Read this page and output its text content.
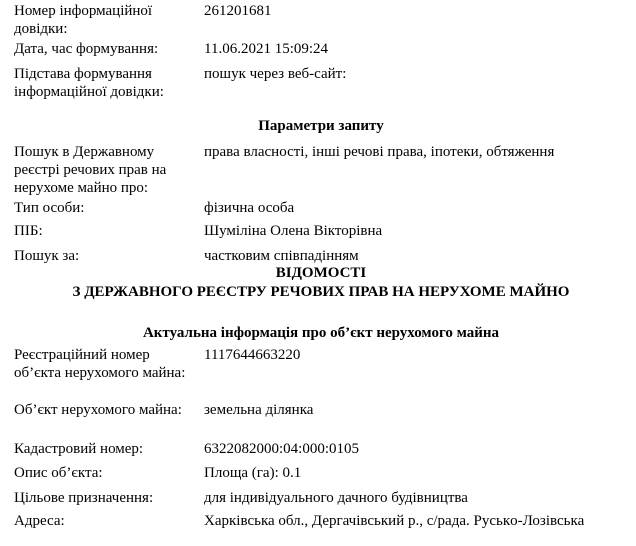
Номер інформаційної довідки:
261201681
Дата, час формування:	11.06.2021 15:09:24
Підстава формування інформаційної довідки:
пошук через веб-сайт:
Параметри запиту
Пошук в Державному реєстрі речових прав на нерухоме майно про:
права власності, інші речові права, іпотеки, обтяження
Тип особи:	фізична особа
ПІБ:	Шуміліна Олена Вікторівна
Пошук за:	частковим співпадінням
ВІДОМОСТІ
З ДЕРЖАВНОГО РЕЄСТРУ РЕЧОВИХ ПРАВ НА НЕРУХОМЕ МАЙНО
Актуальна інформація про об’єкт нерухомого майна
Реєстраційний номер об’єкта нерухомого майна:
1117644663220
Об’єкт нерухомого майна:	земельна ділянка
Кадастровий номер:	6322082000:04:000:0105
Опис об’єкта:	Площа (га): 0.1
Цільове призначення:	для індивідуального дачного будівництва
Адреса:	Харківська обл., Дергачівський р., с/рада. Руськo-Лозівська
